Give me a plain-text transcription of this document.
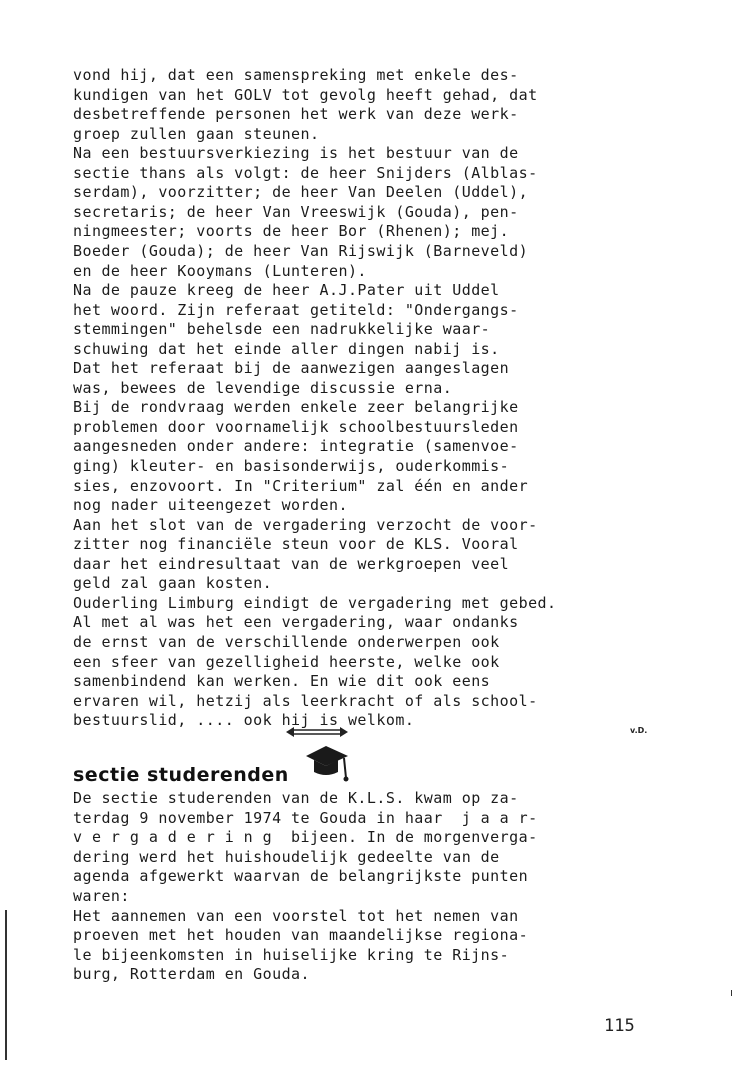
vond hij, dat een samenspreking met enkele des-

kundigen van het GOLV tot gevolg heeft gehad, dat

desbetreffende personen het werk van deze werk-

groep zullen gaan steunen.

Na een bestuursverkiezing is het bestuur van de

sectie thans als volgt: de heer Snijders (Alblas-

serdam), voorzitter; de heer Van Deelen (Uddel),

secretaris; de heer Van Vreeswijk (Gouda), pen-

ningmeester; voorts de heer Bor (Rhenen); mej.

Boeder (Gouda); de heer Van Rijswijk (Barneveld)

en de heer Kooymans (Lunteren).

Na de pauze kreeg de heer A.J.Pater uit Uddel

het woord. Zijn referaat getiteld: "Ondergangs-

stemmingen" behelsde een nadrukkelijke waar-

schuwing dat het einde aller dingen nabij is.

Dat het referaat bij de aanwezigen aangeslagen

was, bewees de levendige discussie erna.

Bij de rondvraag werden enkele zeer belangrijke

problemen door voornamelijk schoolbestuursleden

aangesneden onder andere: integratie (samenvoe-

ging) kleuter- en basisonderwijs, ouderkommis-

sies, enzovoort. In "Criterium" zal één en ander

nog nader uiteengezet worden.

Aan het slot van de vergadering verzocht de voor-

zitter nog financiële steun voor de KLS. Vooral

daar het eindresultaat van de werkgroepen veel

geld zal gaan kosten.

Ouderling Limburg eindigt de vergadering met gebed.

Al met al was het een vergadering, waar ondanks

de ernst van de verschillende onderwerpen ook

een sfeer van gezelligheid heerste, welke ook

samenbindend kan werken. En wie dit ook eens

ervaren wil, hetzij als leerkracht of als school-

bestuurslid, .... ook hij is welkom.

v.D.
sectie studerenden

De sectie studerenden van de K.L.S. kwam op za-

terdag 9 november 1974 te Gouda in haar  j a a r-

v e r g a d e r i n g  bijeen. In de morgenverga-

dering werd het huishoudelijk gedeelte van de

agenda afgewerkt waarvan de belangrijkste punten

waren:

Het aannemen van een voorstel tot het nemen van

proeven met het houden van maandelijkse regiona-

le bijeenkomsten in huiselijke kring te Rijns-

burg, Rotterdam en Gouda.

115
